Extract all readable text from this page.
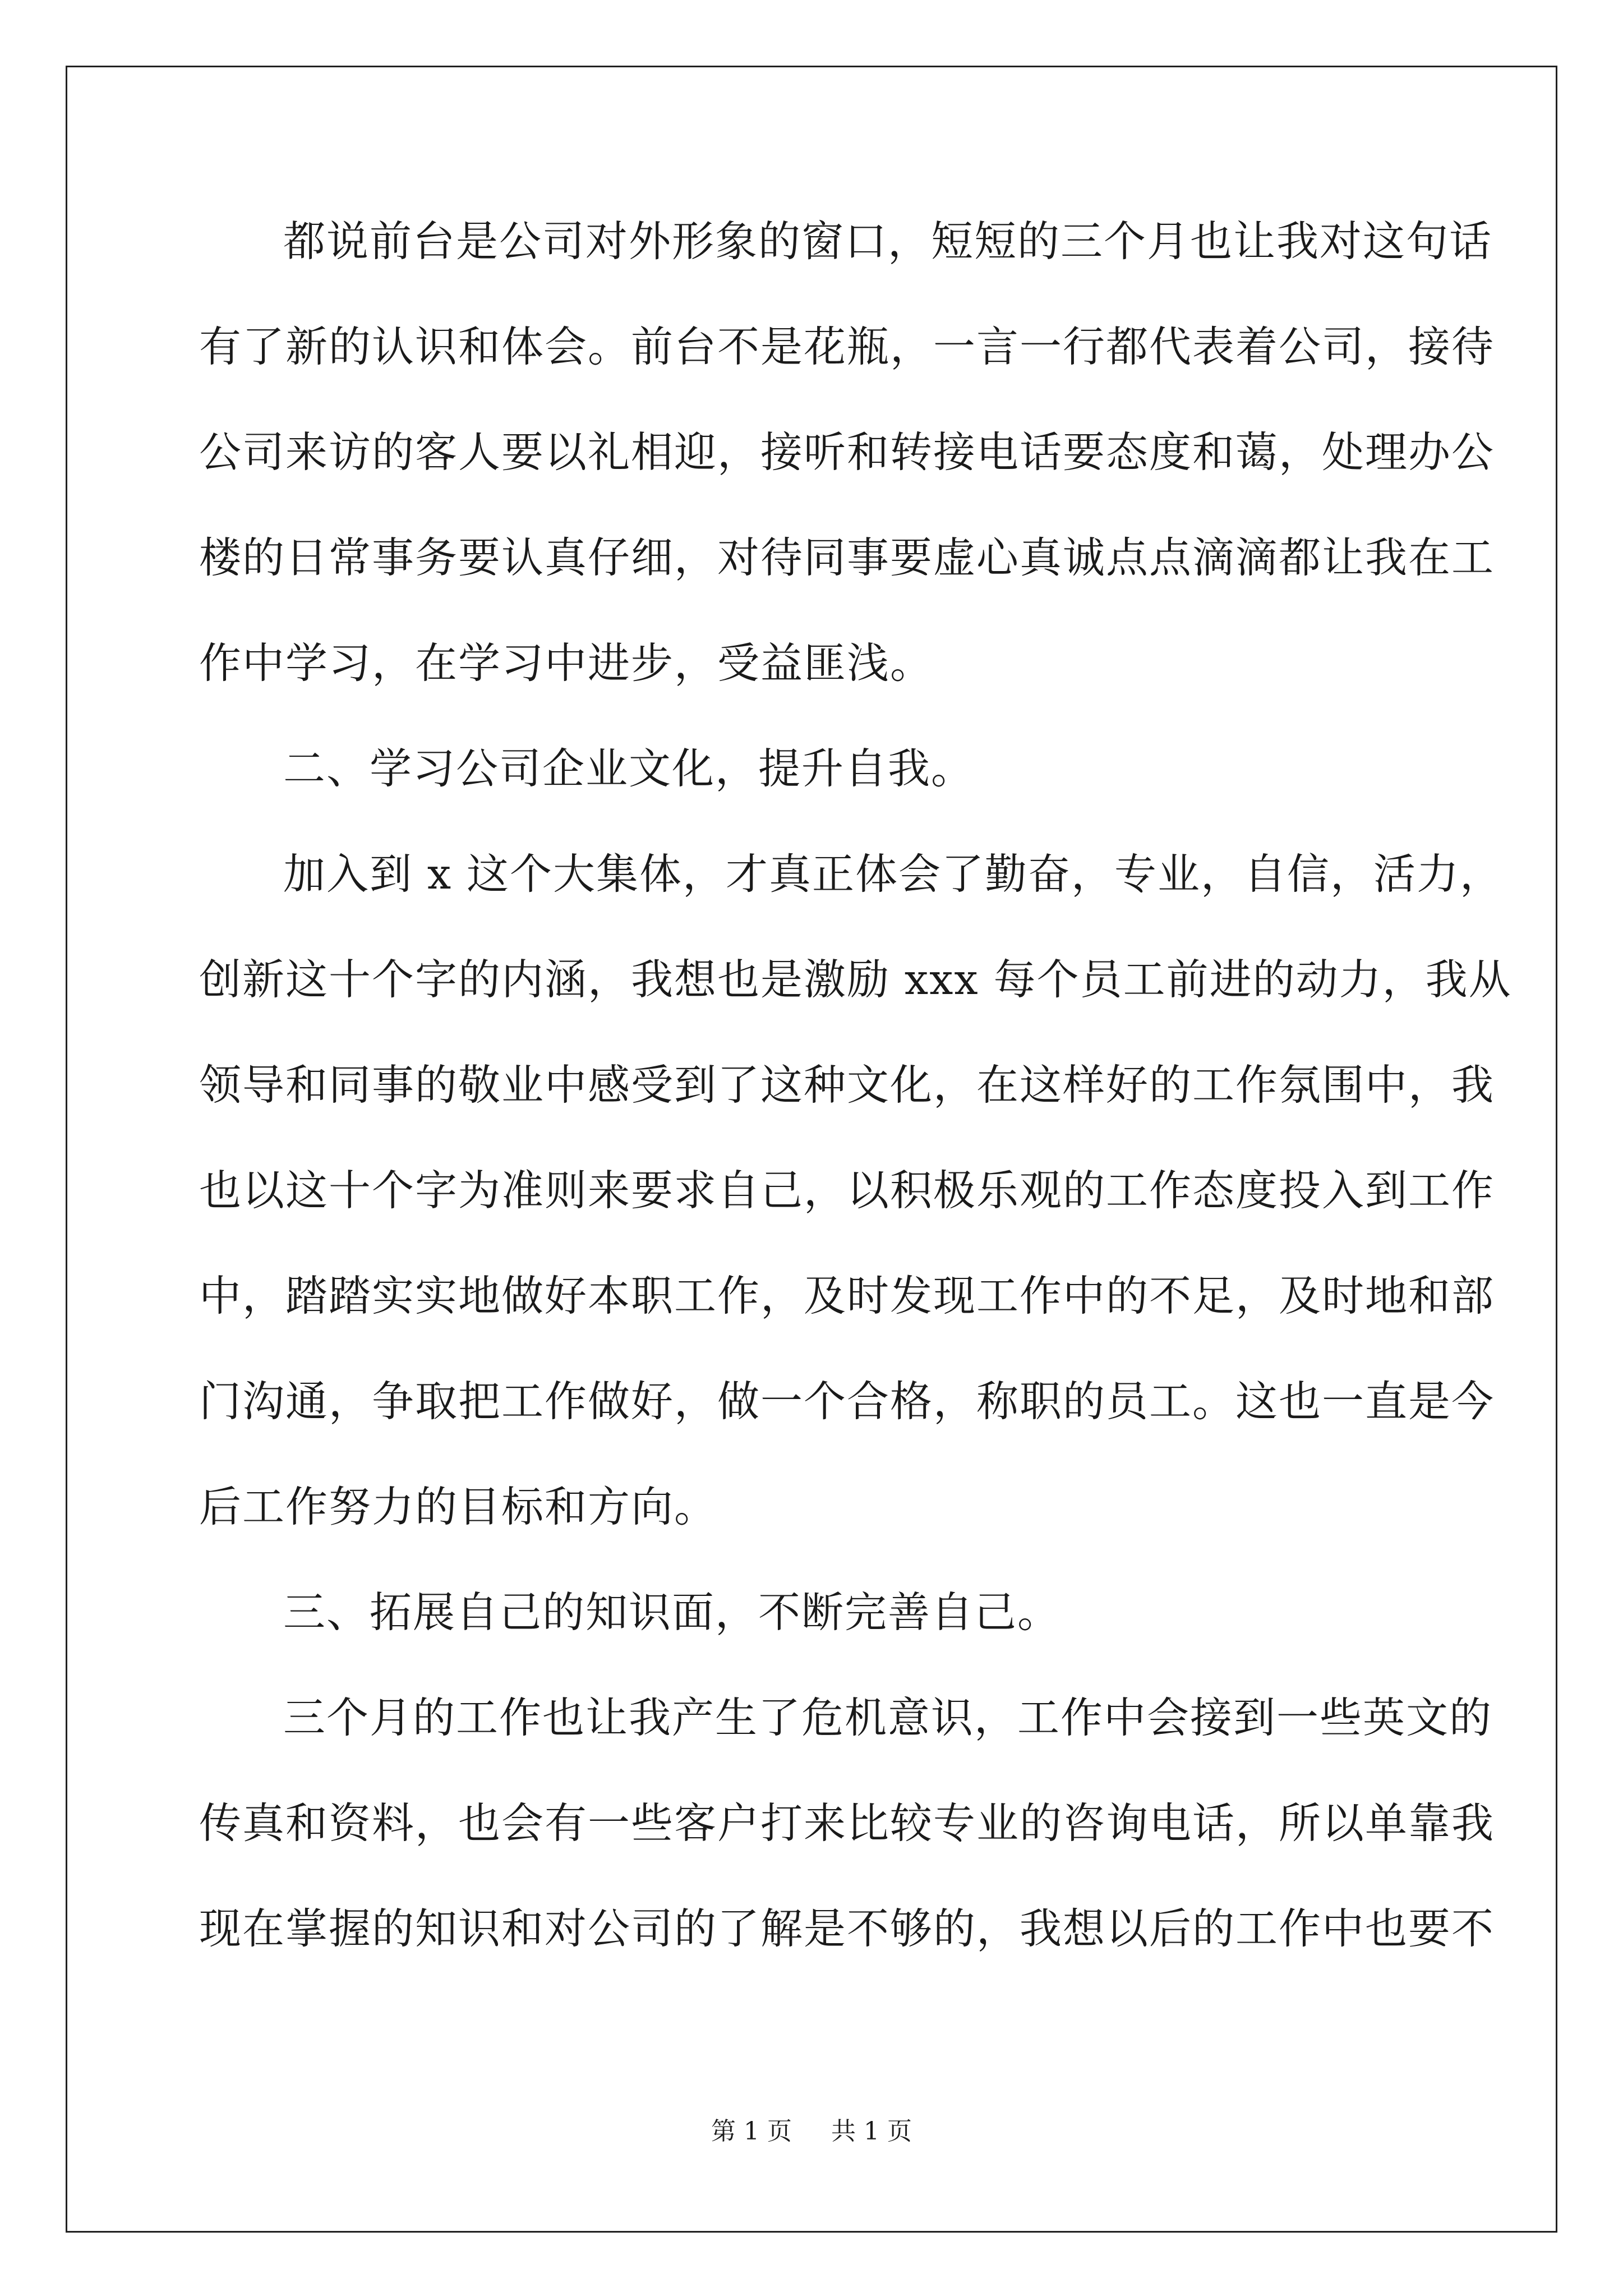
都说前台是公司对外形象的窗口，短短的三个月也让我对这句话
有了新的认识和体会。前台不是花瓶，一言一行都代表着公司，接待
公司来访的客人要以礼相迎，接听和转接电话要态度和蔼，处理办公
楼的日常事务要认真仔细，对待同事要虚心真诚点点滴滴都让我在工
作中学习，在学习中进步，受益匪浅。
二、学习公司企业文化，提升自我。
加入到 x 这个大集体，才真正体会了勤奋，专业，自信，活力，
创新这十个字的内涵，我想也是激励 xxx 每个员工前进的动力，我从
领导和同事的敬业中感受到了这种文化，在这样好的工作氛围中，我
也以这十个字为准则来要求自己，以积极乐观的工作态度投入到工作
中，踏踏实实地做好本职工作，及时发现工作中的不足，及时地和部
门沟通，争取把工作做好，做一个合格，称职的员工。这也一直是今
后工作努力的目标和方向。
三、拓展自己的知识面，不断完善自己。
三个月的工作也让我产生了危机意识，工作中会接到一些英文的
传真和资料，也会有一些客户打来比较专业的咨询电话，所以单靠我
现在掌握的知识和对公司的了解是不够的，我想以后的工作中也要不
第 1 页 共 1 页
